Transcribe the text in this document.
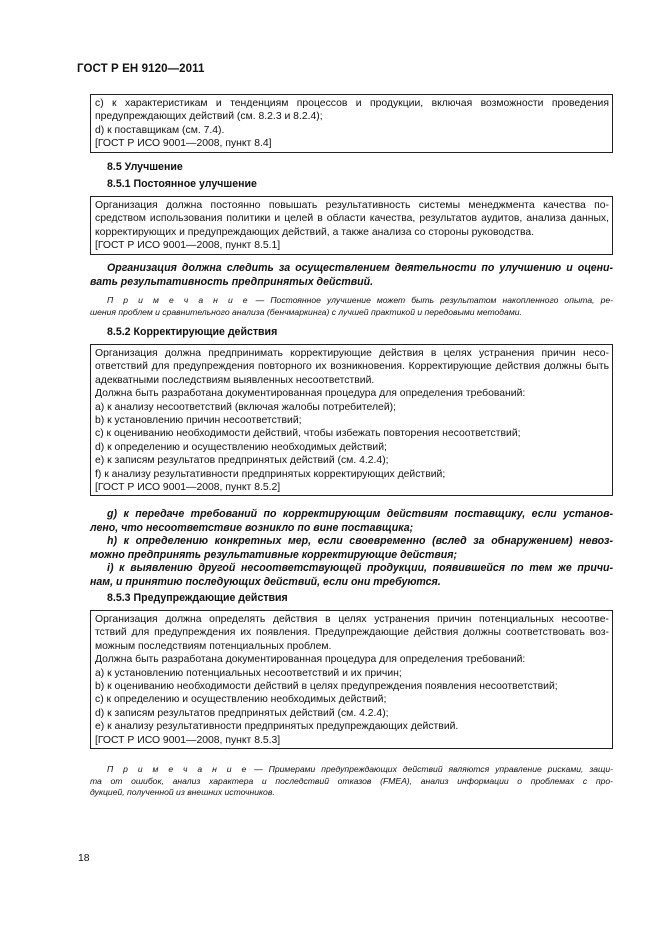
ГОСТ Р ЕН 9120—2011
c) к характеристикам и тенденциям процессов и продукции, включая возможности проведения
предупреждающих действий (см. 8.2.3 и 8.2.4);
d) к поставщикам (см. 7.4).
[ГОСТ Р ИСО 9001—2008, пункт 8.4]
8.5 Улучшение
8.5.1 Постоянное улучшение
Организация должна постоянно повышать результативность системы менеджмента качества по-
средством использования политики и целей в области качества, результатов аудитов, анализа данных,
корректирующих и предупреждающих действий, а также анализа со стороны руководства.
[ГОСТ Р ИСО 9001—2008, пункт 8.5.1]
Организация должна следить за осуществлением деятельности по улучшению и оцени-
вать результативность предпринятых действий.
П р и м е ч а н и е — Постоянное улучшение может быть результатом накопленного опыта, ре-
шения проблем и сравнительного анализа (бенчмаркинга) с лучшей практикой и передовыми методами.
8.5.2 Корректирующие действия
Организация должна предпринимать корректирующие действия в целях устранения причин несо-
ответствий для предупреждения повторного их возникновения. Корректирующие действия должны быть
адекватными последствиям выявленных несоответствий.
Должна быть разработана документированная процедура для определения требований:
a) к анализу несоответствий (включая жалобы потребителей);
b) к установлению причин несоответствий;
c) к оцениванию необходимости действий, чтобы избежать повторения несоответствий;
d) к определению и осуществлению необходимых действий;
e) к записям результатов предпринятых действий (см. 4.2.4);
f) к анализу результативности предпринятых корректирующих действий;
[ГОСТ Р ИСО 9001—2008, пункт 8.5.2]
g) к передаче требований по корректирующим действиям поставщику, если установ-
лено, что несоответствие возникло по вине поставщика;
h) к определению конкретных мер, если своевременно (вслед за обнаружением) невоз-
можно предпринять результативные корректирующие действия;
i) к выявлению другой несоответствующей продукции, появившейся по тем же причи-
нам, и принятию последующих действий, если они требуются.
8.5.3 Предупреждающие действия
Организация должна определять действия в целях устранения причин потенциальных несоотве-
тствий для предупреждения их появления. Предупреждающие действия должны соответствовать воз-
можным последствиям потенциальных проблем.
Должна быть разработана документированная процедура для определения требований:
a) к установлению потенциальных несоответствий и их причин;
b) к оцениванию необходимости действий в целях предупреждения появления несоответствий;
c) к определению и осуществлению необходимых действий;
d) к записям результатов предпринятых действий (см. 4.2.4);
e) к анализу результативности предпринятых предупреждающих действий.
[ГОСТ Р ИСО 9001—2008, пункт 8.5.3]
П р и м е ч а н и е — Примерами предупреждающих действий являются управление рисками, защи-
та от ошибок, анализ характера и последствий отказов (FMEA), анализ информации о проблемах с про-
дукцией, полученной из внешних источников.
18
